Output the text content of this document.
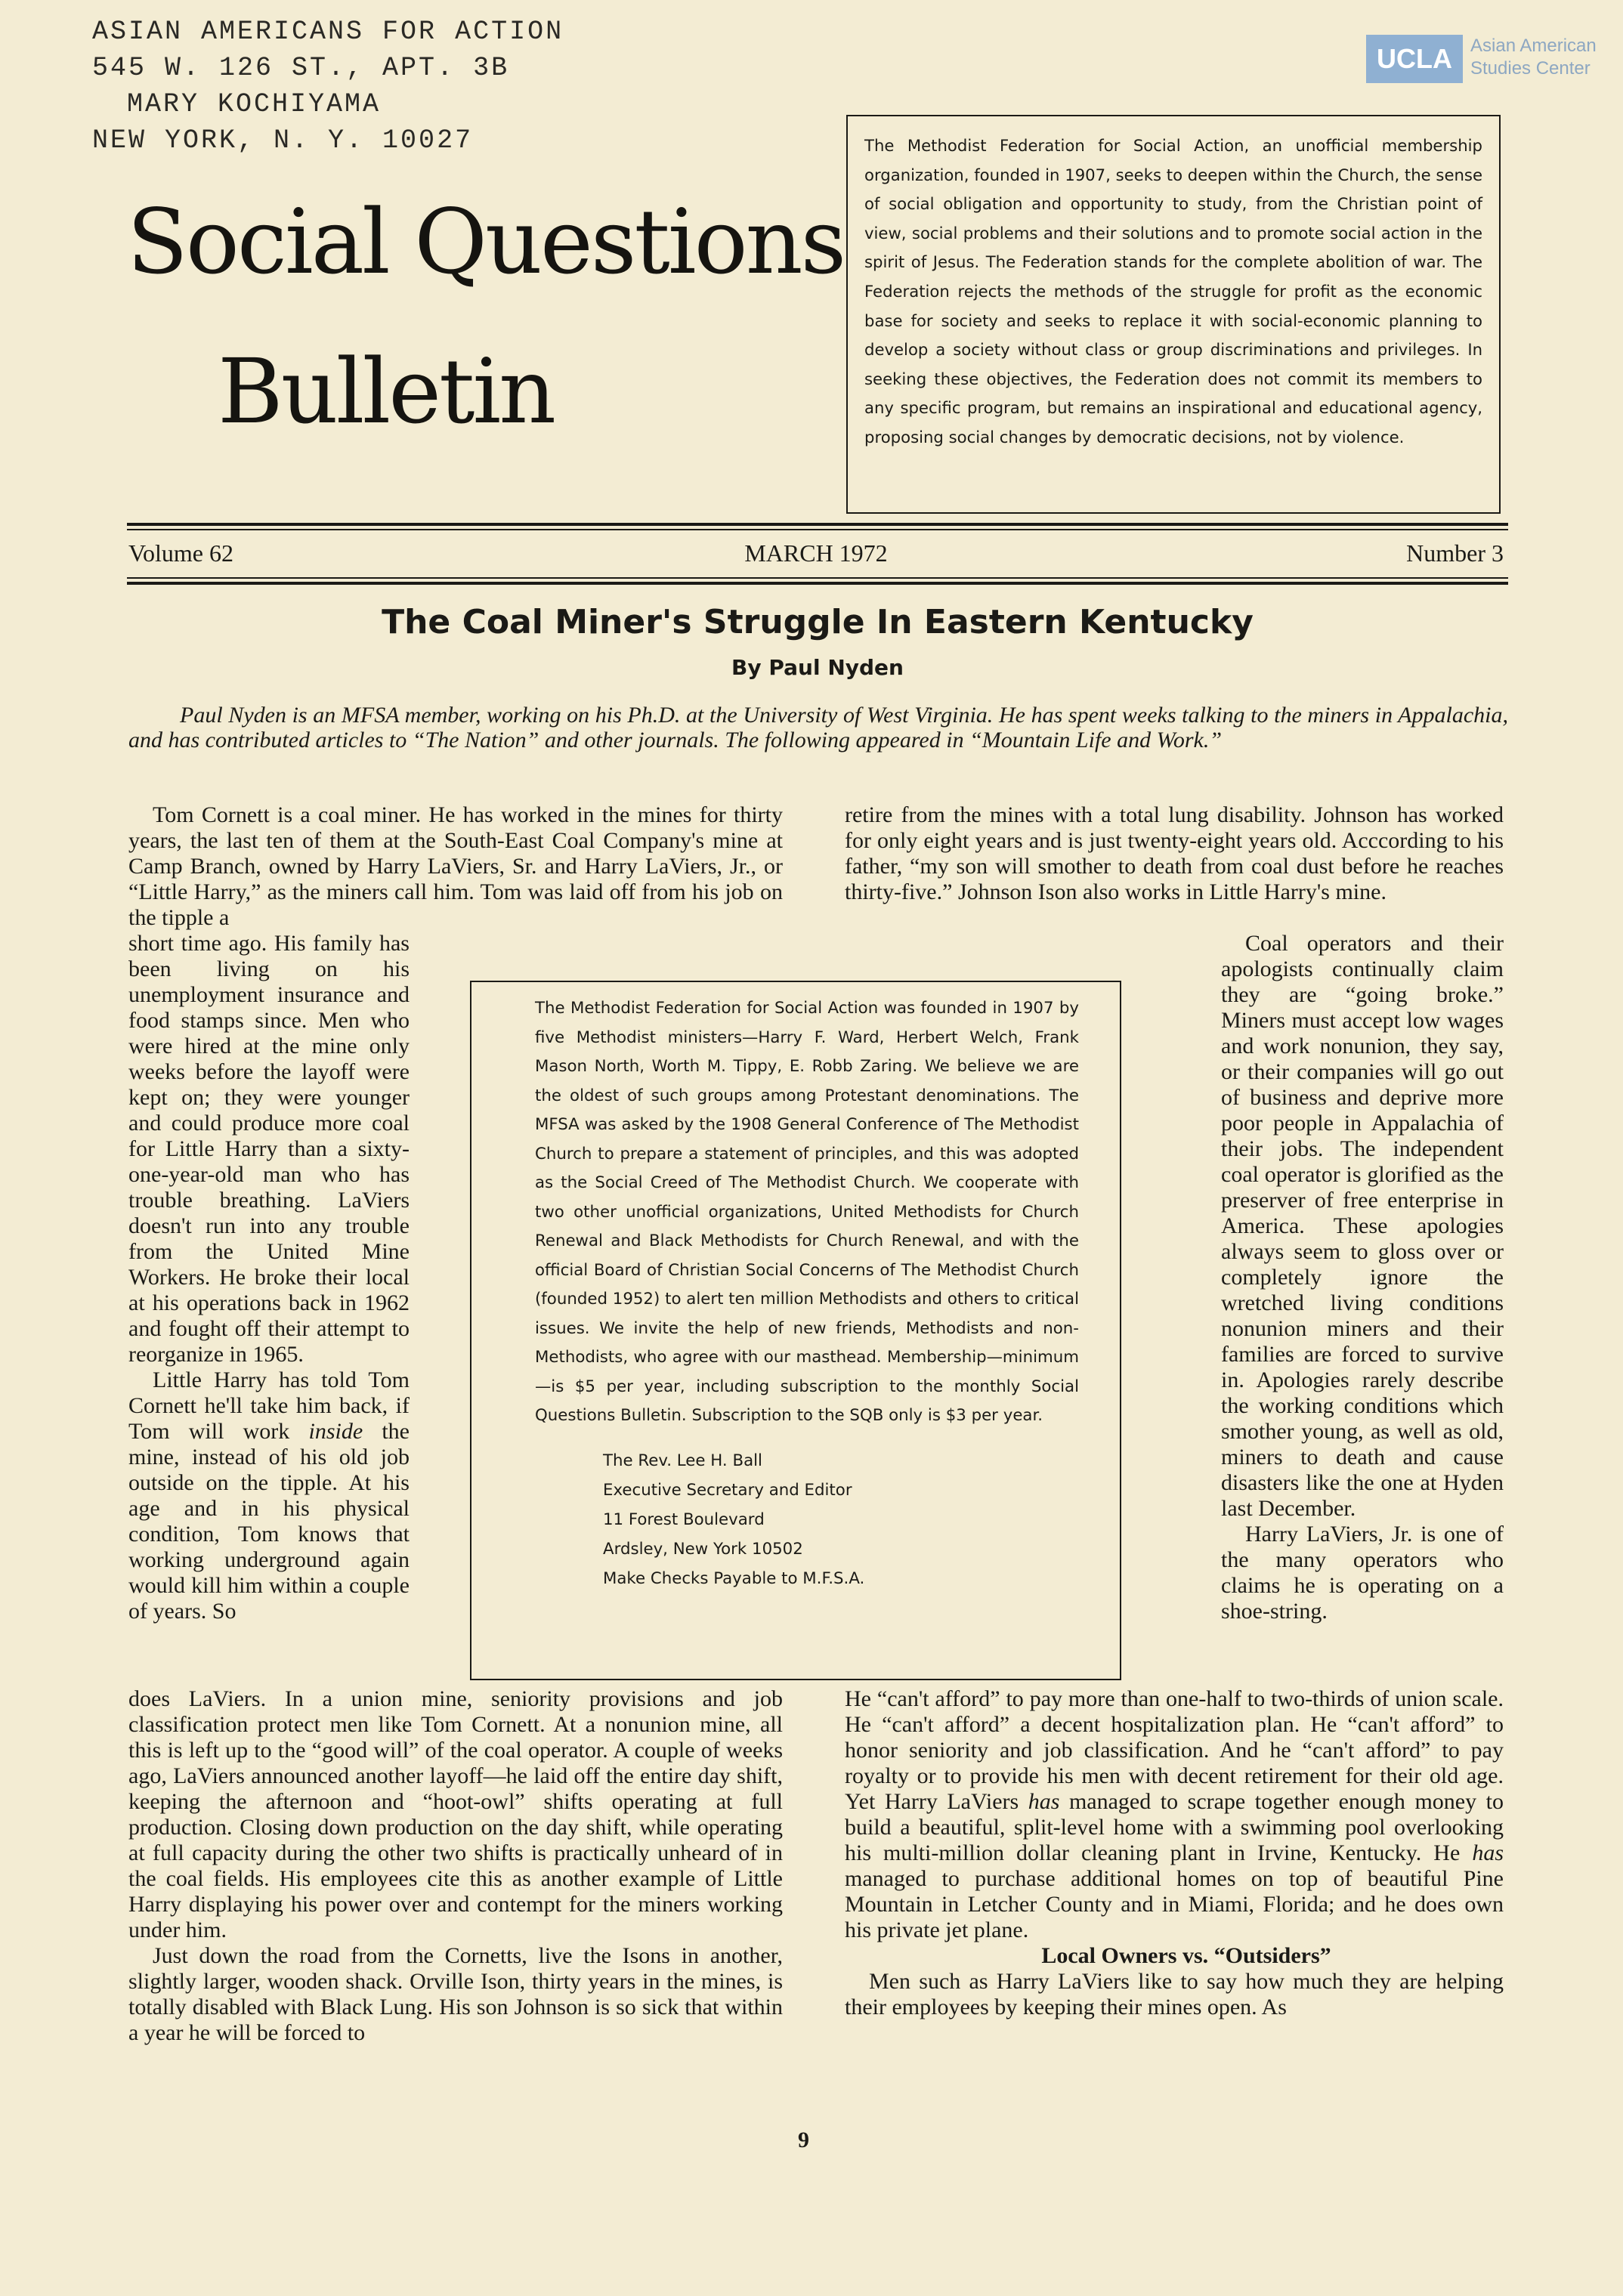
ASIAN AMERICANS FOR ACTION
545 W. 126 ST., APT. 3B
MARY KOCHIYAMA
NEW YORK, N. Y. 10027
UCLA	Asian American
Studies Center
Social Questions
Bulletin
The Methodist Federation for Social Action, an unofficial membership organization, founded in 1907, seeks to deepen within the Church, the sense of social obligation and opportunity to study, from the Christian point of view, social problems and their solutions and to promote social action in the spirit of Jesus. The Federation stands for the complete abolition of war. The Federation rejects the methods of the struggle for profit as the economic base for society and seeks to replace it with social-economic planning to develop a society without class or group discriminations and privileges. In seeking these objectives, the Federation does not commit its members to any specific program, but remains an inspirational and educational agency, proposing social changes by democratic decisions, not by violence.
Volume 62	MARCH 1972	Number 3
The Coal Miner's Struggle In Eastern Kentucky
By Paul Nyden
Paul Nyden is an MFSA member, working on his Ph.D. at the University of West Virginia. He has spent weeks talking to the miners in Appalachia, and has contributed articles to “The Nation” and other journals. The following appeared in “Mountain Life and Work.”

Tom Cornett is a coal miner. He has worked in the mines for thirty years, the last ten of them at the South-East Coal Company's mine at Camp Branch, owned by Harry LaViers, Sr. and Harry LaViers, Jr., or “Little Harry,” as the miners call him. Tom was laid off from his job on the tipple a

short time ago. His family has been living on his unemployment insurance and food stamps since. Men who were hired at the mine only weeks before the layoff were kept on; they were younger and could produce more coal for Little Harry than a sixty-one-year-old man who has trouble breathing. LaViers doesn't run into any trouble from the United Mine Workers. He broke their local at his operations back in 1962 and fought off their attempt to reorganize in 1965.

Little Harry has told Tom Cornett he'll take him back, if Tom will work inside the mine, instead of his old job outside on the tipple. At his age and in his physical condition, Tom knows that working underground again would kill him within a couple of years. So

does LaViers. In a union mine, seniority provisions and job classification protect men like Tom Cornett. At a nonunion mine, all this is left up to the “good will” of the coal operator. A couple of weeks ago, LaViers announced another layoff—he laid off the entire day shift, keeping the afternoon and “hoot-owl” shifts operating at full production. Closing down production on the day shift, while operating at full capacity during the other two shifts is practically unheard of in the coal fields. His employees cite this as another example of Little Harry displaying his power over and contempt for the miners working under him.

Just down the road from the Cornetts, live the Isons in another, slightly larger, wooden shack. Orville Ison, thirty years in the mines, is totally disabled with Black Lung. His son Johnson is so sick that within a year he will be forced to

retire from the mines with a total lung disability. Johnson has worked for only eight years and is just twenty-eight years old. Acccording to his father, “my son will smother to death from coal dust before he reaches thirty-five.” Johnson Ison also works in Little Harry's mine.

Coal operators and their apologists continually claim they are “going broke.” Miners must accept low wages and work nonunion, they say, or their companies will go out of business and deprive more poor people in Appalachia of their jobs. The independent coal operator is glorified as the preserver of free enterprise in America. These apologies always seem to gloss over or completely ignore the wretched living conditions nonunion miners and their families are forced to survive in. Apologies rarely describe the working conditions which smother young, as well as old, miners to death and cause disasters like the one at Hyden last December.

Harry LaViers, Jr. is one of the many operators who claims he is operating on a shoe-string.

He “can't afford” to pay more than one-half to two-thirds of union scale. He “can't afford” a decent hospitalization plan. He “can't afford” to honor seniority and job classification. And he “can't afford” to pay royalty or to provide his men with decent retirement for their old age. Yet Harry LaViers has managed to scrape together enough money to build a beautiful, split-level home with a swimming pool overlooking his multi-million dollar cleaning plant in Irvine, Kentucky. He has managed to purchase additional homes on top of beautiful Pine Mountain in Letcher County and in Miami, Florida; and he does own his private jet plane.

Local Owners vs. “Outsiders”

Men such as Harry LaViers like to say how much they are helping their employees by keeping their mines open. As

The Methodist Federation for Social Action was founded in 1907 by five Methodist ministers—Harry F. Ward, Herbert Welch, Frank Mason North, Worth M. Tippy, E. Robb Zaring. We believe we are the oldest of such groups among Protestant denominations. The MFSA was asked by the 1908 General Conference of The Methodist Church to prepare a statement of principles, and this was adopted as the Social Creed of The Methodist Church. We cooperate with two other unofficial organizations, United Methodists for Church Renewal and Black Methodists for Church Renewal, and with the official Board of Christian Social Concerns of The Methodist Church (founded 1952) to alert ten million Methodists and others to critical issues. We invite the help of new friends, Methodists and non-Methodists, who agree with our masthead. Membership—minimum—is $5 per year, including subscription to the monthly Social Questions Bulletin. Subscription to the SQB only is $3 per year.
The Rev. Lee H. Ball
Executive Secretary and Editor
11 Forest Boulevard
Ardsley, New York 10502
Make Checks Payable to M.F.S.A.
9
